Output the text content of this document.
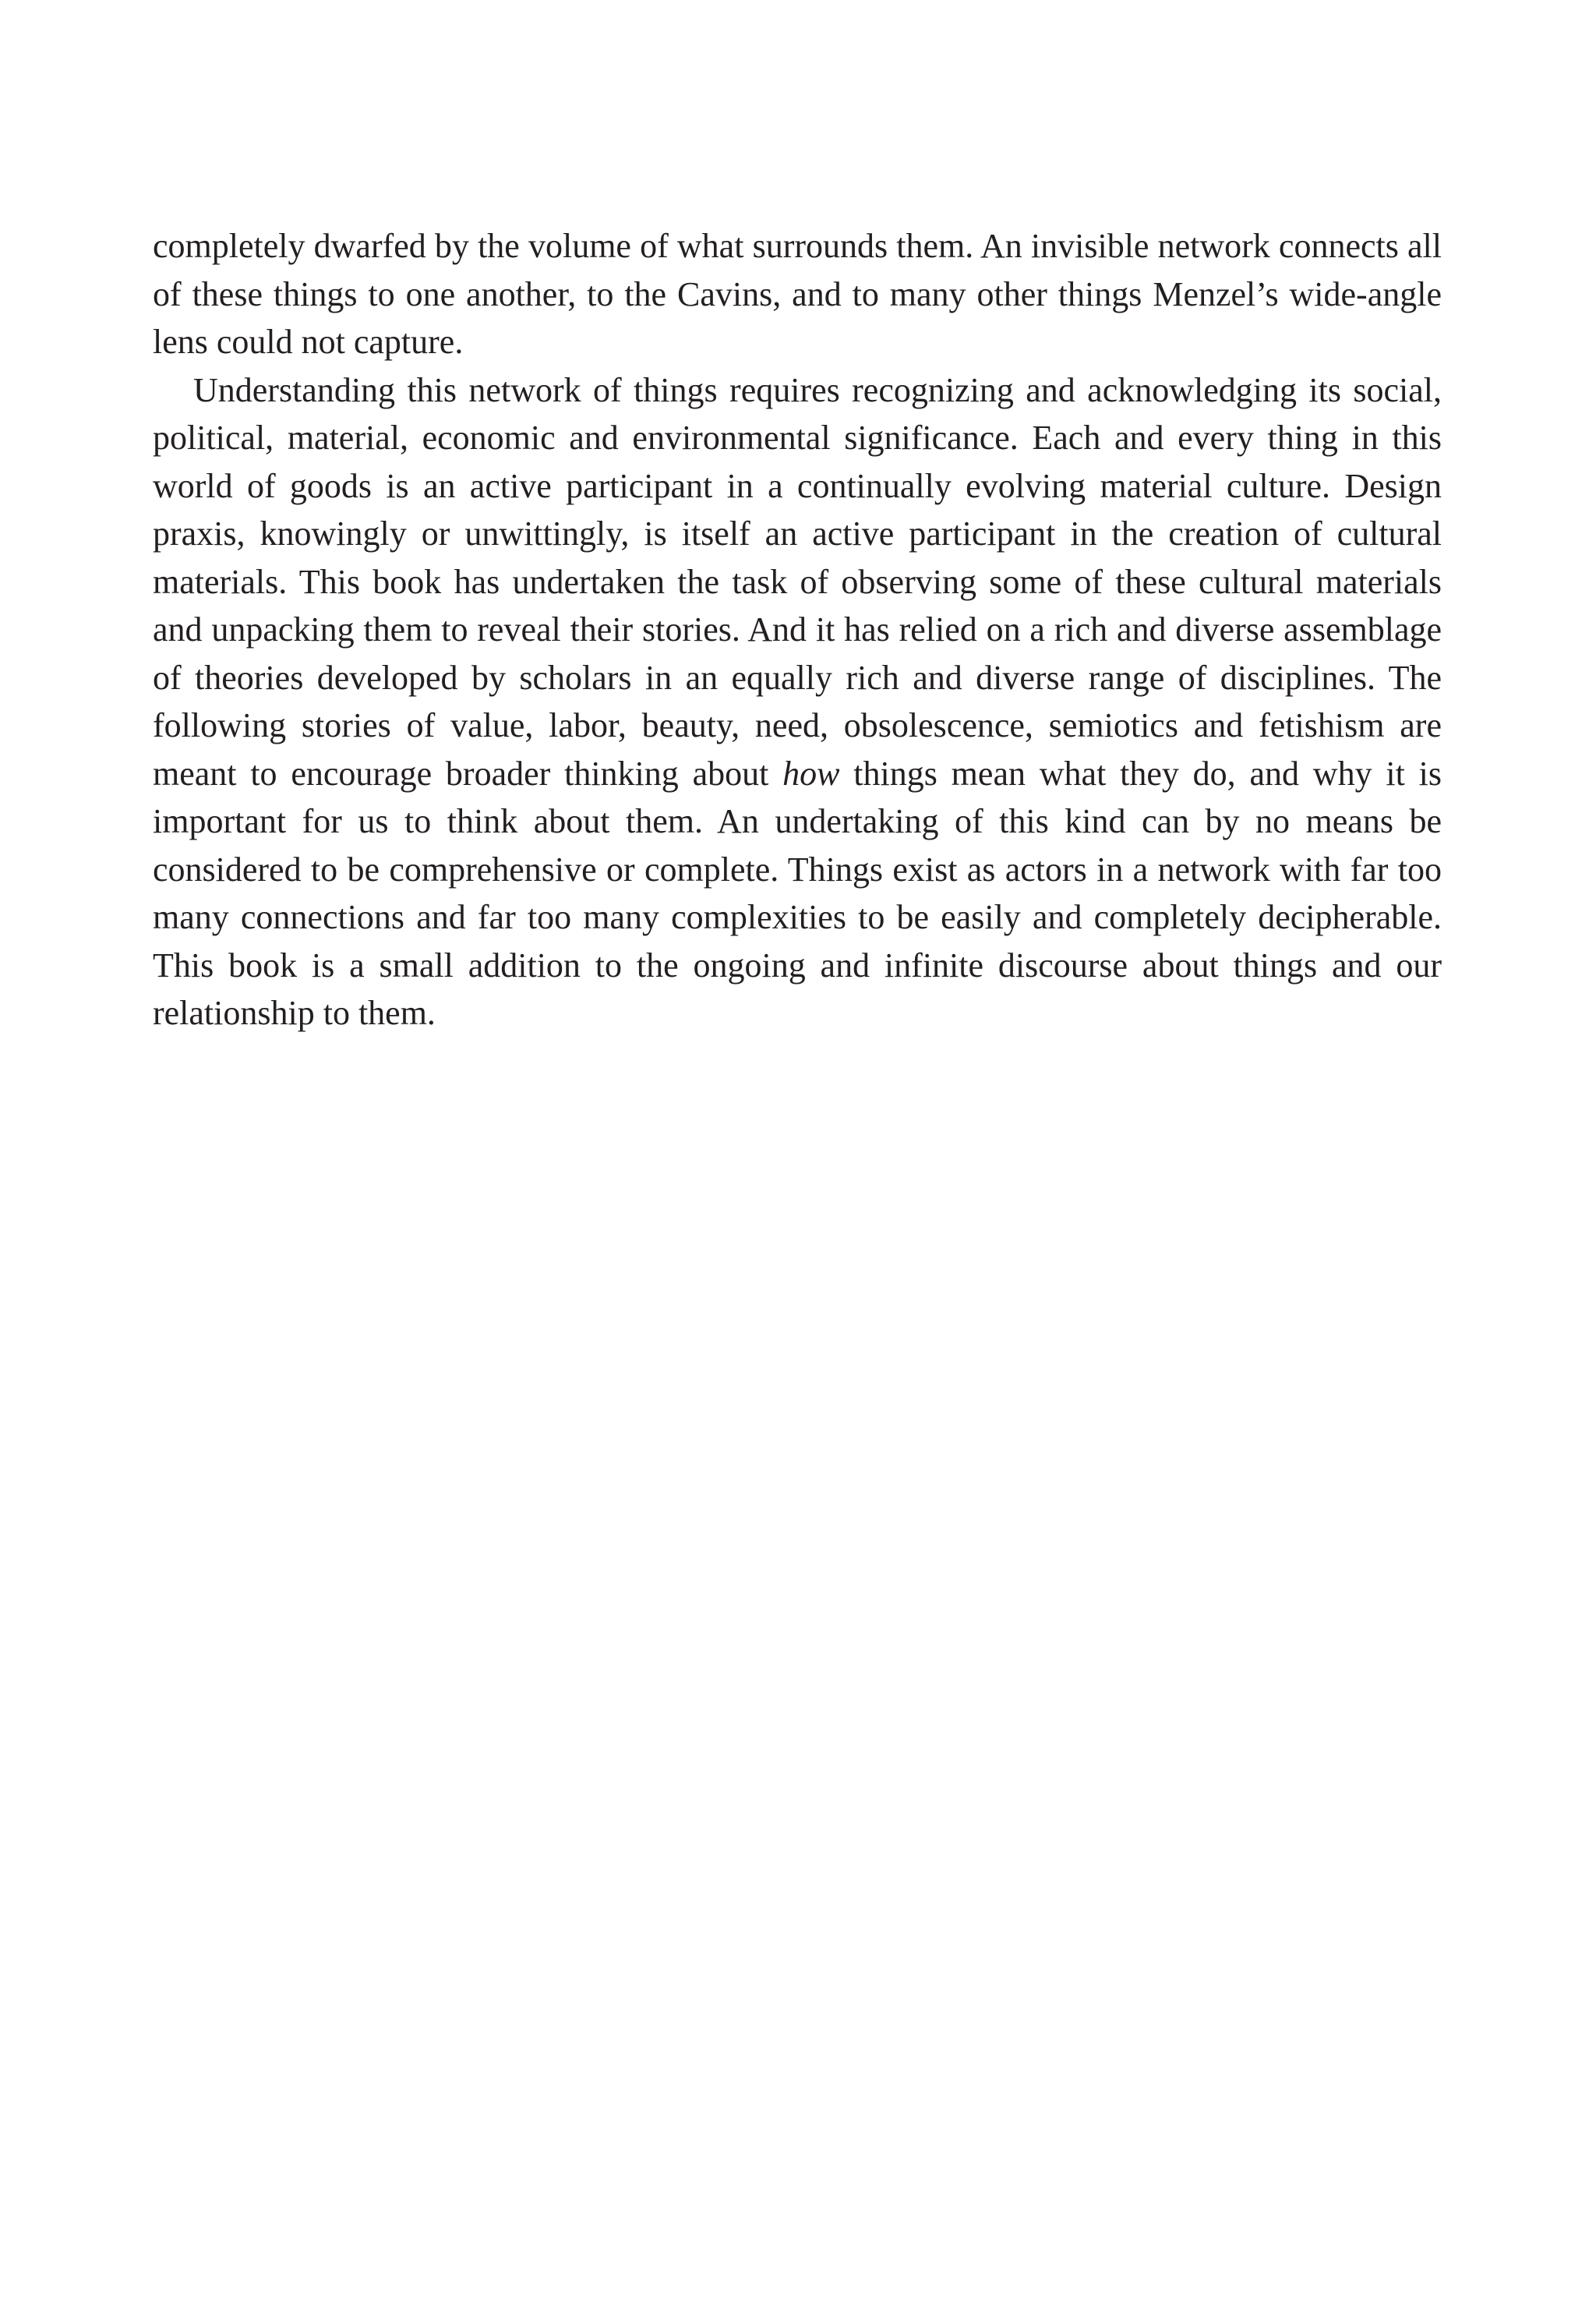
completely dwarfed by the volume of what surrounds them. An invisible network connects all of these things to one another, to the Cavins, and to many other things Menzel’s wide-angle lens could not capture.

Understanding this network of things requires recognizing and acknowledging its social, political, material, economic and environmental significance. Each and every thing in this world of goods is an active participant in a continually evolving material culture. Design praxis, knowingly or unwittingly, is itself an active participant in the creation of cultural materials. This book has undertaken the task of observing some of these cultural materials and unpacking them to reveal their stories. And it has relied on a rich and diverse assemblage of theories developed by scholars in an equally rich and diverse range of disciplines. The following stories of value, labor, beauty, need, obsolescence, semiotics and fetishism are meant to encourage broader thinking about how things mean what they do, and why it is important for us to think about them. An undertaking of this kind can by no means be considered to be comprehensive or complete. Things exist as actors in a network with far too many connections and far too many complexities to be easily and completely decipherable. This book is a small addition to the ongoing and infinite discourse about things and our relationship to them.
